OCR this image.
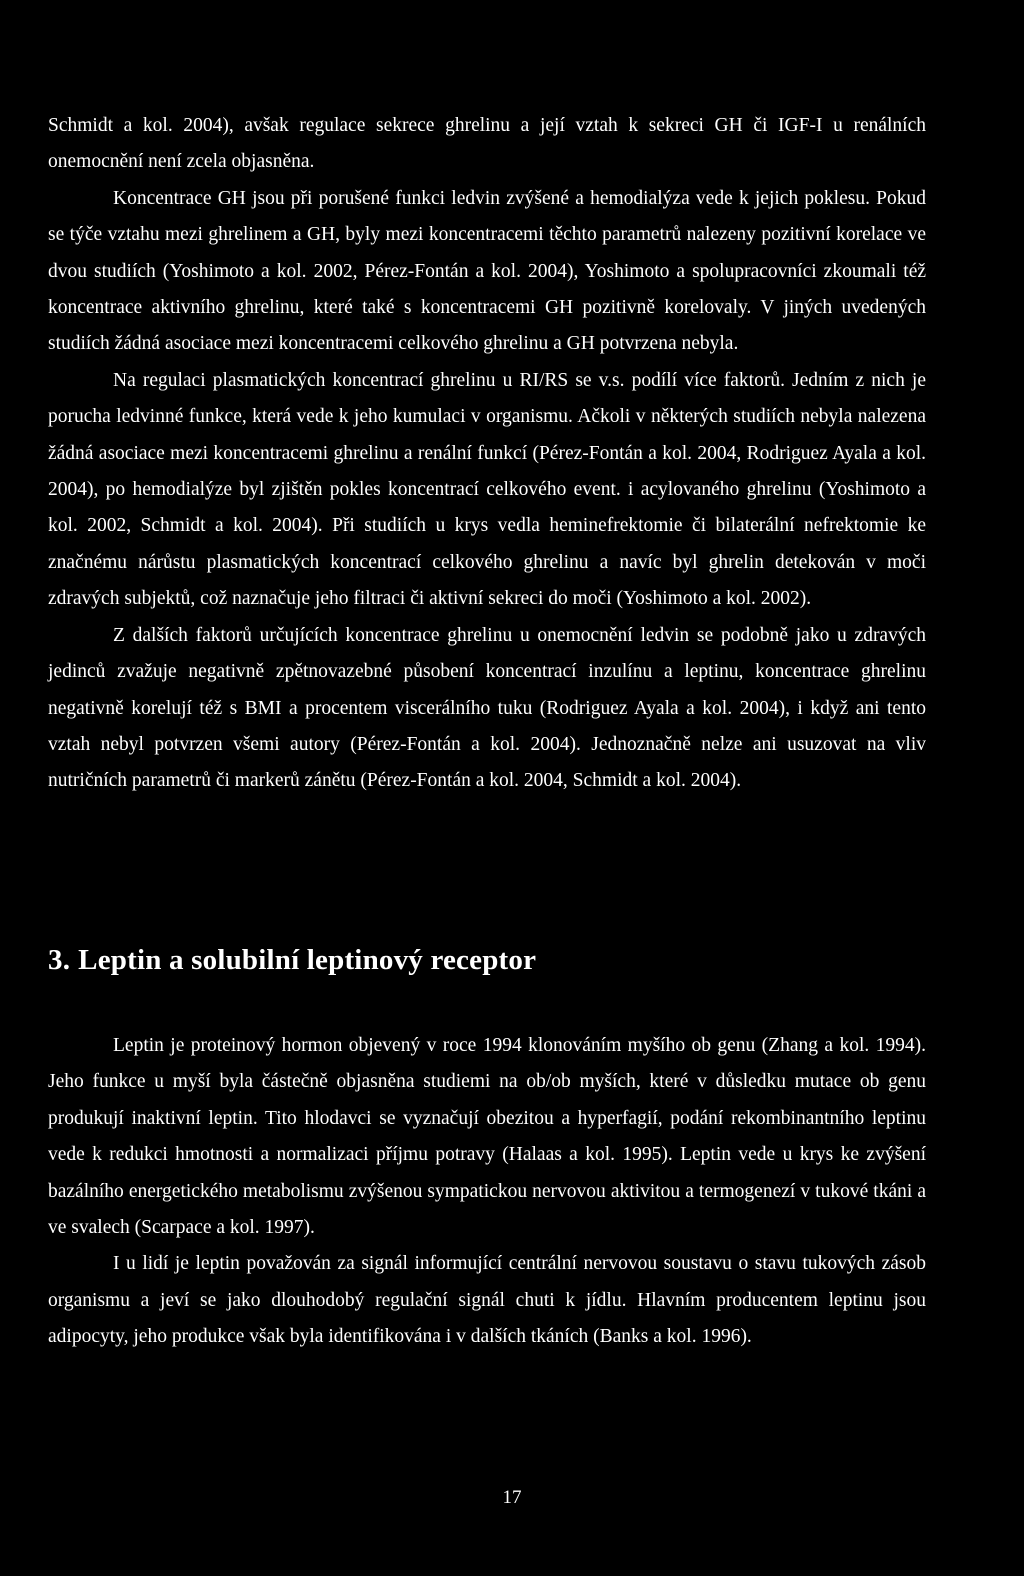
Schmidt a kol. 2004), avšak regulace sekrece ghrelinu a její vztah k sekreci GH či IGF-I u renálních onemocnění není zcela objasněna.

Koncentrace GH jsou při porušené funkci ledvin zvýšené a hemodialýza vede k jejich poklesu. Pokud se týče vztahu mezi ghrelinem a GH, byly mezi koncentracemi těchto parametrů nalezeny pozitivní korelace ve dvou studiích (Yoshimoto a kol. 2002, Pérez-Fontán a kol. 2004), Yoshimoto a spolupracovníci zkoumali též koncentrace aktivního ghrelinu, které také s koncentracemi GH pozitivně korelovaly. V jiných uvedených studiích žádná asociace mezi koncentracemi celkového ghrelinu a GH potvrzena nebyla.

Na regulaci plasmatických koncentrací ghrelinu u RI/RS se v.s. podílí více faktorů. Jedním z nich je porucha ledvinné funkce, která vede k jeho kumulaci v organismu. Ačkoli v některých studiích nebyla nalezena žádná asociace mezi koncentracemi ghrelinu a renální funkcí (Pérez-Fontán a kol. 2004, Rodriguez Ayala a kol. 2004), po hemodialýze byl zjištěn pokles koncentrací celkového event. i acylovaného ghrelinu (Yoshimoto a kol. 2002, Schmidt a kol. 2004). Při studiích u krys vedla heminefrektomie či bilaterální nefrektomie ke značnému nárůstu plasmatických koncentrací celkového ghrelinu a navíc byl ghrelin detekován v moči zdravých subjektů, což naznačuje jeho filtraci či aktivní sekreci do moči (Yoshimoto a kol. 2002).

Z dalších faktorů určujících koncentrace ghrelinu u onemocnění ledvin se podobně jako u zdravých jedinců zvažuje negativně zpětnovazebné působení koncentrací inzulínu a leptinu, koncentrace ghrelinu negativně korelují též s BMI a procentem viscerálního tuku (Rodriguez Ayala a kol. 2004), i když ani tento vztah nebyl potvrzen všemi autory (Pérez-Fontán a kol. 2004). Jednoznačně nelze ani usuzovat na vliv nutričních parametrů či markerů zánětu (Pérez-Fontán a kol. 2004, Schmidt a kol. 2004).

3. Leptin a solubilní leptinový receptor

Leptin je proteinový hormon objevený v roce 1994 klonováním myšího ob genu (Zhang a kol. 1994). Jeho funkce u myší byla částečně objasněna studiemi na ob/ob myších, které v důsledku mutace ob genu produkují inaktivní leptin. Tito hlodavci se vyznačují obezitou a hyperfagií, podání rekombinantního leptinu vede k redukci hmotnosti a normalizaci příjmu potravy (Halaas a kol. 1995). Leptin vede u krys ke zvýšení bazálního energetického metabolismu zvýšenou sympatickou nervovou aktivitou a termogenezí v tukové tkáni a ve svalech (Scarpace a kol. 1997).

I u lidí je leptin považován za signál informující centrální nervovou soustavu o stavu tukových zásob organismu a jeví se jako dlouhodobý regulační signál chuti k jídlu. Hlavním producentem leptinu jsou adipocyty, jeho produkce však byla identifikována i v dalších tkáních (Banks a kol. 1996).

17
